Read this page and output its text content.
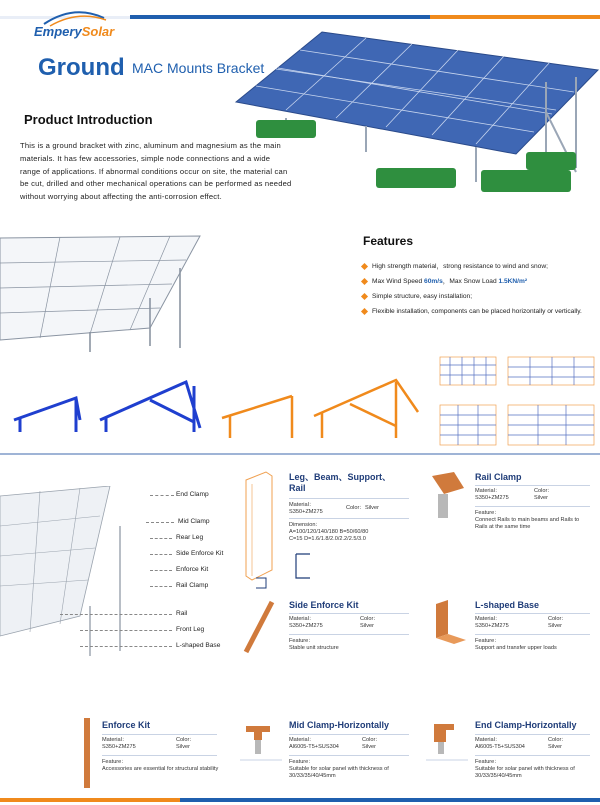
EmperySolar
Ground MAC Mounts Bracket
Product Introduction
This is a ground bracket with zinc, aluminum and magnesium as the main materials. It has few accessories, simple node connections and a wide range of applications. If abnormal conditions occur on site, the material can be cut, drilled and other mechanical operations can be performed as needed without worrying about affecting the anti-corrosion effect.
Features
High strength material，strong resistance to wind and snow;
Max Wind Speed 60m/s，Max Snow Load 1.5KN/m²
Simple structure, easy installation;
Flexible installation, components can be placed horizontally or vertically.
End Clamp
Mid Clamp
Rear Leg
Side Enforce Kit
Enforce Kit
Rail Clamp
Rail
Front Leg
L-shaped Base
Leg、Beam、Support、
Rail
Material：
S350+ZM275
Color：Silver
Dimension：
A=100/120/140/180 B=50/60/80
C=15 D=1.6/1.8/2.0/2.2/2.5/3.0
Rail Clamp
Material：
S350+ZM275
Color：
Silver
Feature：
Connect Rails to main beams and Rails to Rails at the same time
Side Enforce Kit
Material：
S350+ZM275
Color：
Silver
Feature：
Stable unit structure
L-shaped Base
Material：
S350+ZM275
Color：
Silver
Feature：
Support and transfer upper loads
Enforce Kit
Material：
S350+ZM275
Color：
Silver
Feature：
Accessories are essential for structural stability
Mid Clamp-Horizontally
Material：
Al6005-T5+SUS304
Color：
Silver
Feature：
Suitable for solar panel with thickness of 30/33/35/40/45mm
End Clamp-Horizontally
Material：
Al6005-T5+SUS304
Color：
Silver
Feature：
Suitable for solar panel with thickness of 30/33/35/40/45mm
